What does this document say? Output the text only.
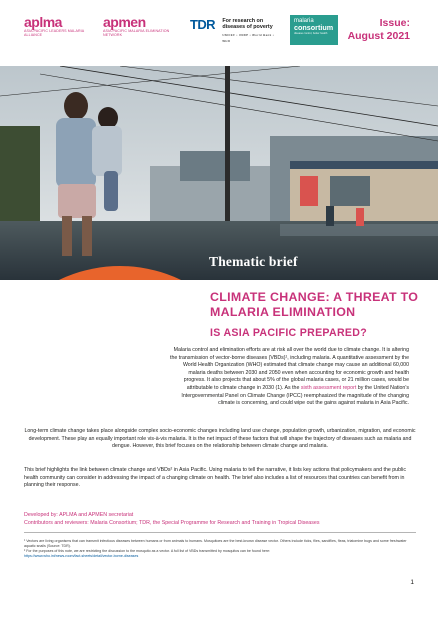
aplma
ASIA PACIFIC LEADERS MALARIA ALLIANCE
apmen
ASIA PACIFIC MALARIA ELIMINATION NETWORK
TDR For research on diseases of poverty
UNICEF • UNDP • World Bank • WHO
malaria
consortium
disease control, better health
Issue:
August 2021
Thematic brief
CLIMATE CHANGE: A THREAT TO MALARIA ELIMINATION
IS ASIA PACIFIC PREPARED?

Malaria control and elimination efforts are at risk all over the world due to climate change. It is altering the transmission of vector-borne diseases (VBDs)¹, including malaria. A quantitative assessment by the World Health Organization (WHO) estimated that climate change may cause an additional 60,000 malaria deaths between 2030 and 2050 even when accounting for economic growth and health progress. It also projects that about 5% of the global malaria cases, or 21 million cases, would be attributable to climate change in 2030 (1). As the sixth assessment report by the United Nation's Intergovernmental Panel on Climate Change (IPCC) reemphasized the magnitude of the changing climate is concerning, and could wipe out the gains against malaria in Asia Pacific.

Long-term climate change takes place alongside complex socio-economic changes including land use change, population growth, urbanization, migration, and economic development. These play an equally important role vis-à-vis malaria. It is the net impact of these factors that will shape the trajectory of diseases such as malaria and dengue. However, this brief focuses on the relationship between climate change and malaria.

This brief highlights the link between climate change and VBDs² in Asia Pacific. Using malaria to tell the narrative, it lists key actions that policymakers and the public health community can consider in addressing the impact of a changing climate on health. The brief also includes a list of resources that countries can benefit from in planning their response.

Developed by: APLMA and APMEN secretariat
Contributors and reviewers: Malaria Consortium; TDR, the Special Programme for Research and Training in Tropical Diseases
¹ Vectors are living organisms that can transmit infectious diseases between humans or from animals to humans. Mosquitoes are the best-known disease vector. Others include ticks, flies, sandflies, fleas, triatomine bugs and some freshwater aquatic snails (Source: TDR).
² For the purposes of this note, we are restricting the discussion to the mosquito as a vector. A full list of VBDs transmitted by mosquitos can be found here:
https://www.who.int/news-room/fact-sheets/detail/vector-borne-diseases
1
